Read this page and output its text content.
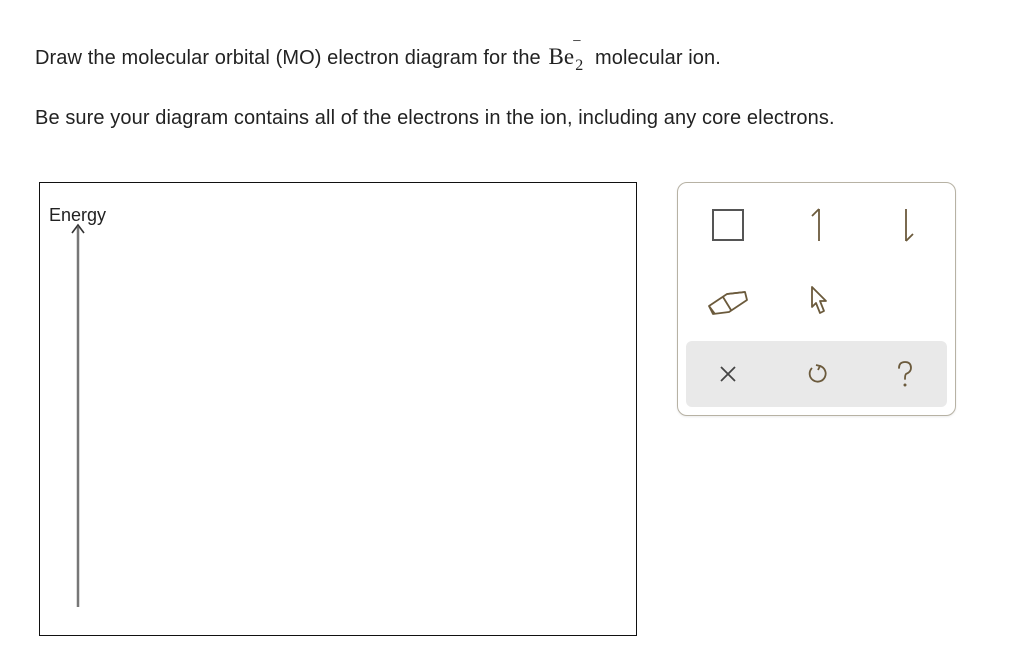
Draw the molecular orbital (MO) electron diagram for the $Be_2$
−
molecular ion.
Be sure your diagram contains all of the electrons in the ion, including any core electrons.
Energy
